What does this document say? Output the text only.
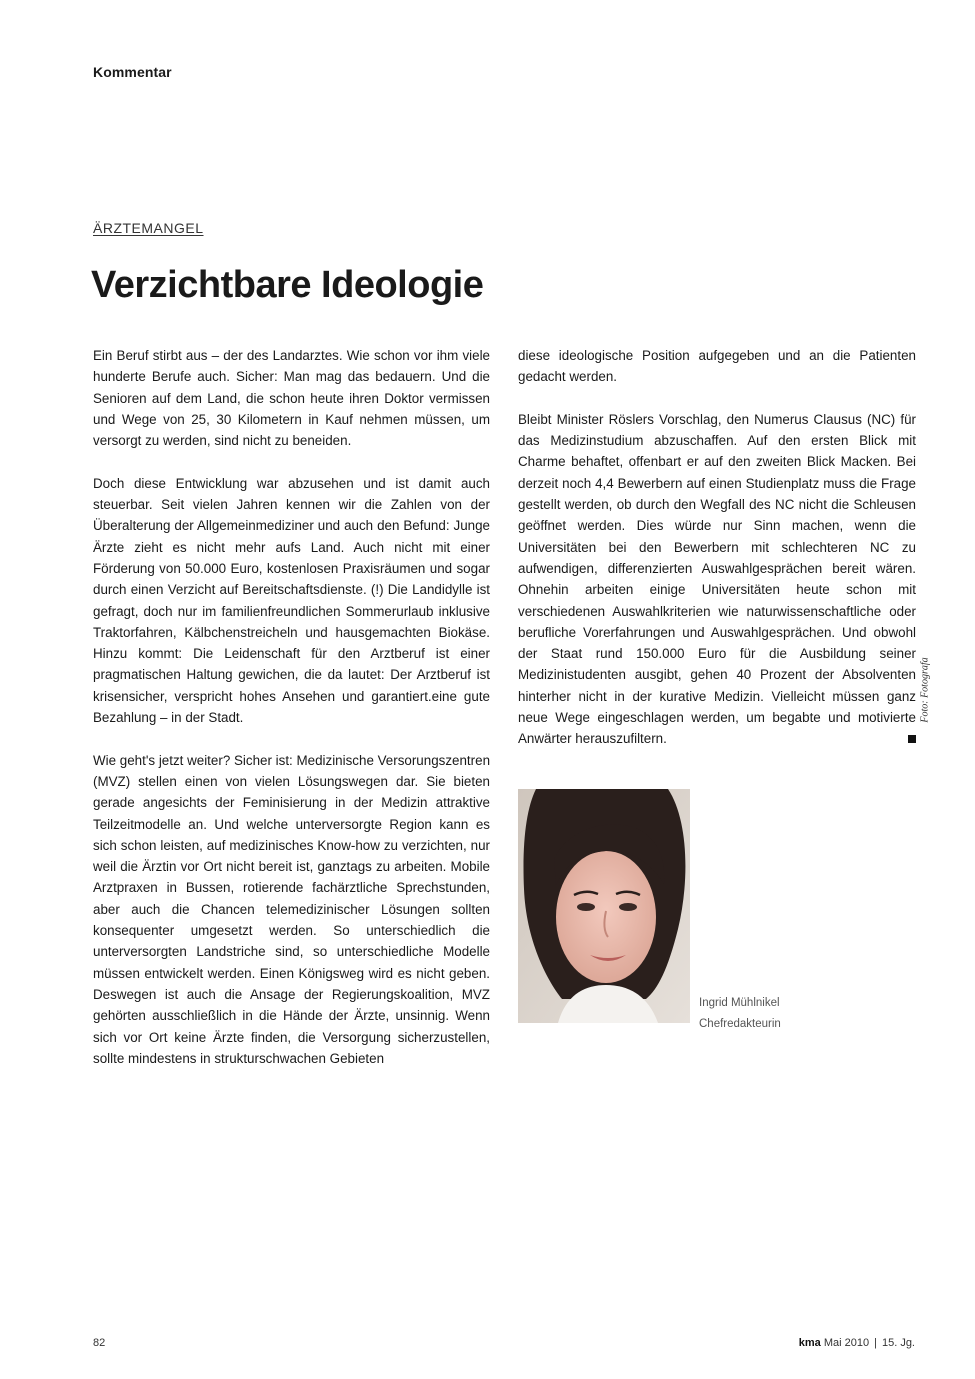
Kommentar
ÄRZTEMANGEL
Verzichtbare Ideologie

Ein Beruf stirbt aus – der des Landarztes. Wie schon vor ihm viele hunderte Berufe auch. Sicher: Man mag das bedauern. Und die Senioren auf dem Land, die schon heute ihren Doktor vermissen und Wege von 25, 30 Kilometern in Kauf nehmen müssen, um versorgt zu werden, sind nicht zu beneiden.

Doch diese Entwicklung war abzusehen und ist damit auch steuerbar. Seit vielen Jahren kennen wir die Zahlen von der Überalterung der Allgemeinmediziner und auch den Befund: Junge Ärzte zieht es nicht mehr aufs Land. Auch nicht mit einer Förderung von 50.000 Euro, kostenlosen Praxisräumen und sogar durch einen Verzicht auf Bereitschaftsdienste. (!) Die Landidylle ist gefragt, doch nur im familienfreundlichen Sommerurlaub inklusive Traktorfahren, Kälbchenstreicheln und hausgemachten Biokäse. Hinzu kommt: Die Leidenschaft für den Arztberuf ist einer pragmatischen Haltung gewichen, die da lautet: Der Arztberuf ist krisensicher, verspricht hohes Ansehen und garantiert.eine gute Bezahlung – in der Stadt.

Wie geht's jetzt weiter? Sicher ist: Medizinische Versorungszentren (MVZ) stellen einen von vielen Lösungswegen dar. Sie bieten gerade angesichts der Feminisierung in der Medizin attraktive Teilzeitmodelle an. Und welche unterversorgte Region kann es sich schon leisten, auf medizinisches Know-how zu verzichten, nur weil die Ärztin vor Ort nicht bereit ist, ganztags zu arbeiten. Mobile Arztpraxen in Bussen, rotierende fachärztliche Sprechstunden, aber auch die Chancen telemedizinischer Lösungen sollten konsequenter umgesetzt werden. So unterschiedlich die unterversorgten Landstriche sind, so unterschiedliche Modelle müssen entwickelt werden. Einen Königsweg wird es nicht geben. Deswegen ist auch die Ansage der Regierungskoalition, MVZ gehörten ausschließlich in die Hände der Ärzte, unsinnig. Wenn sich vor Ort keine Ärzte finden, die Versorgung sicherzustellen, sollte mindestens in strukturschwachen Gebieten

diese ideologische Position aufgegeben und an die Patienten gedacht werden.

Bleibt Minister Röslers Vorschlag, den Numerus Clausus (NC) für das Medizinstudium abzuschaffen. Auf den ersten Blick mit Charme behaftet, offenbart er auf den zweiten Blick Macken. Bei derzeit noch 4,4 Bewerbern auf einen Studienplatz muss die Frage gestellt werden, ob durch den Wegfall des NC nicht die Schleusen geöffnet werden. Dies würde nur Sinn machen, wenn die Universitäten bei den Bewerbern mit schlechteren NC zu aufwendigen, differenzierten Auswahlgesprächen bereit wären. Ohnehin arbeiten einige Universitäten heute schon mit verschiedenen Auswahlkriterien wie naturwissenschaftliche oder berufliche Vorerfahrungen und Auswahlgesprächen. Und obwohl der Staat rund 150.000 Euro für die Ausbildung seiner Medizinistudenten ausgibt, gehen 40 Prozent der Absolventen hinterher nicht in der kurative Medizin. Vielleicht müssen ganz neue Wege eingeschlagen werden, um begabte und motivierte Anwärter herauszufiltern.

Foto: Fotografa
Ingrid Mühlnikel
Chefredakteurin
82	kma Mai 2010 | 15. Jg.
